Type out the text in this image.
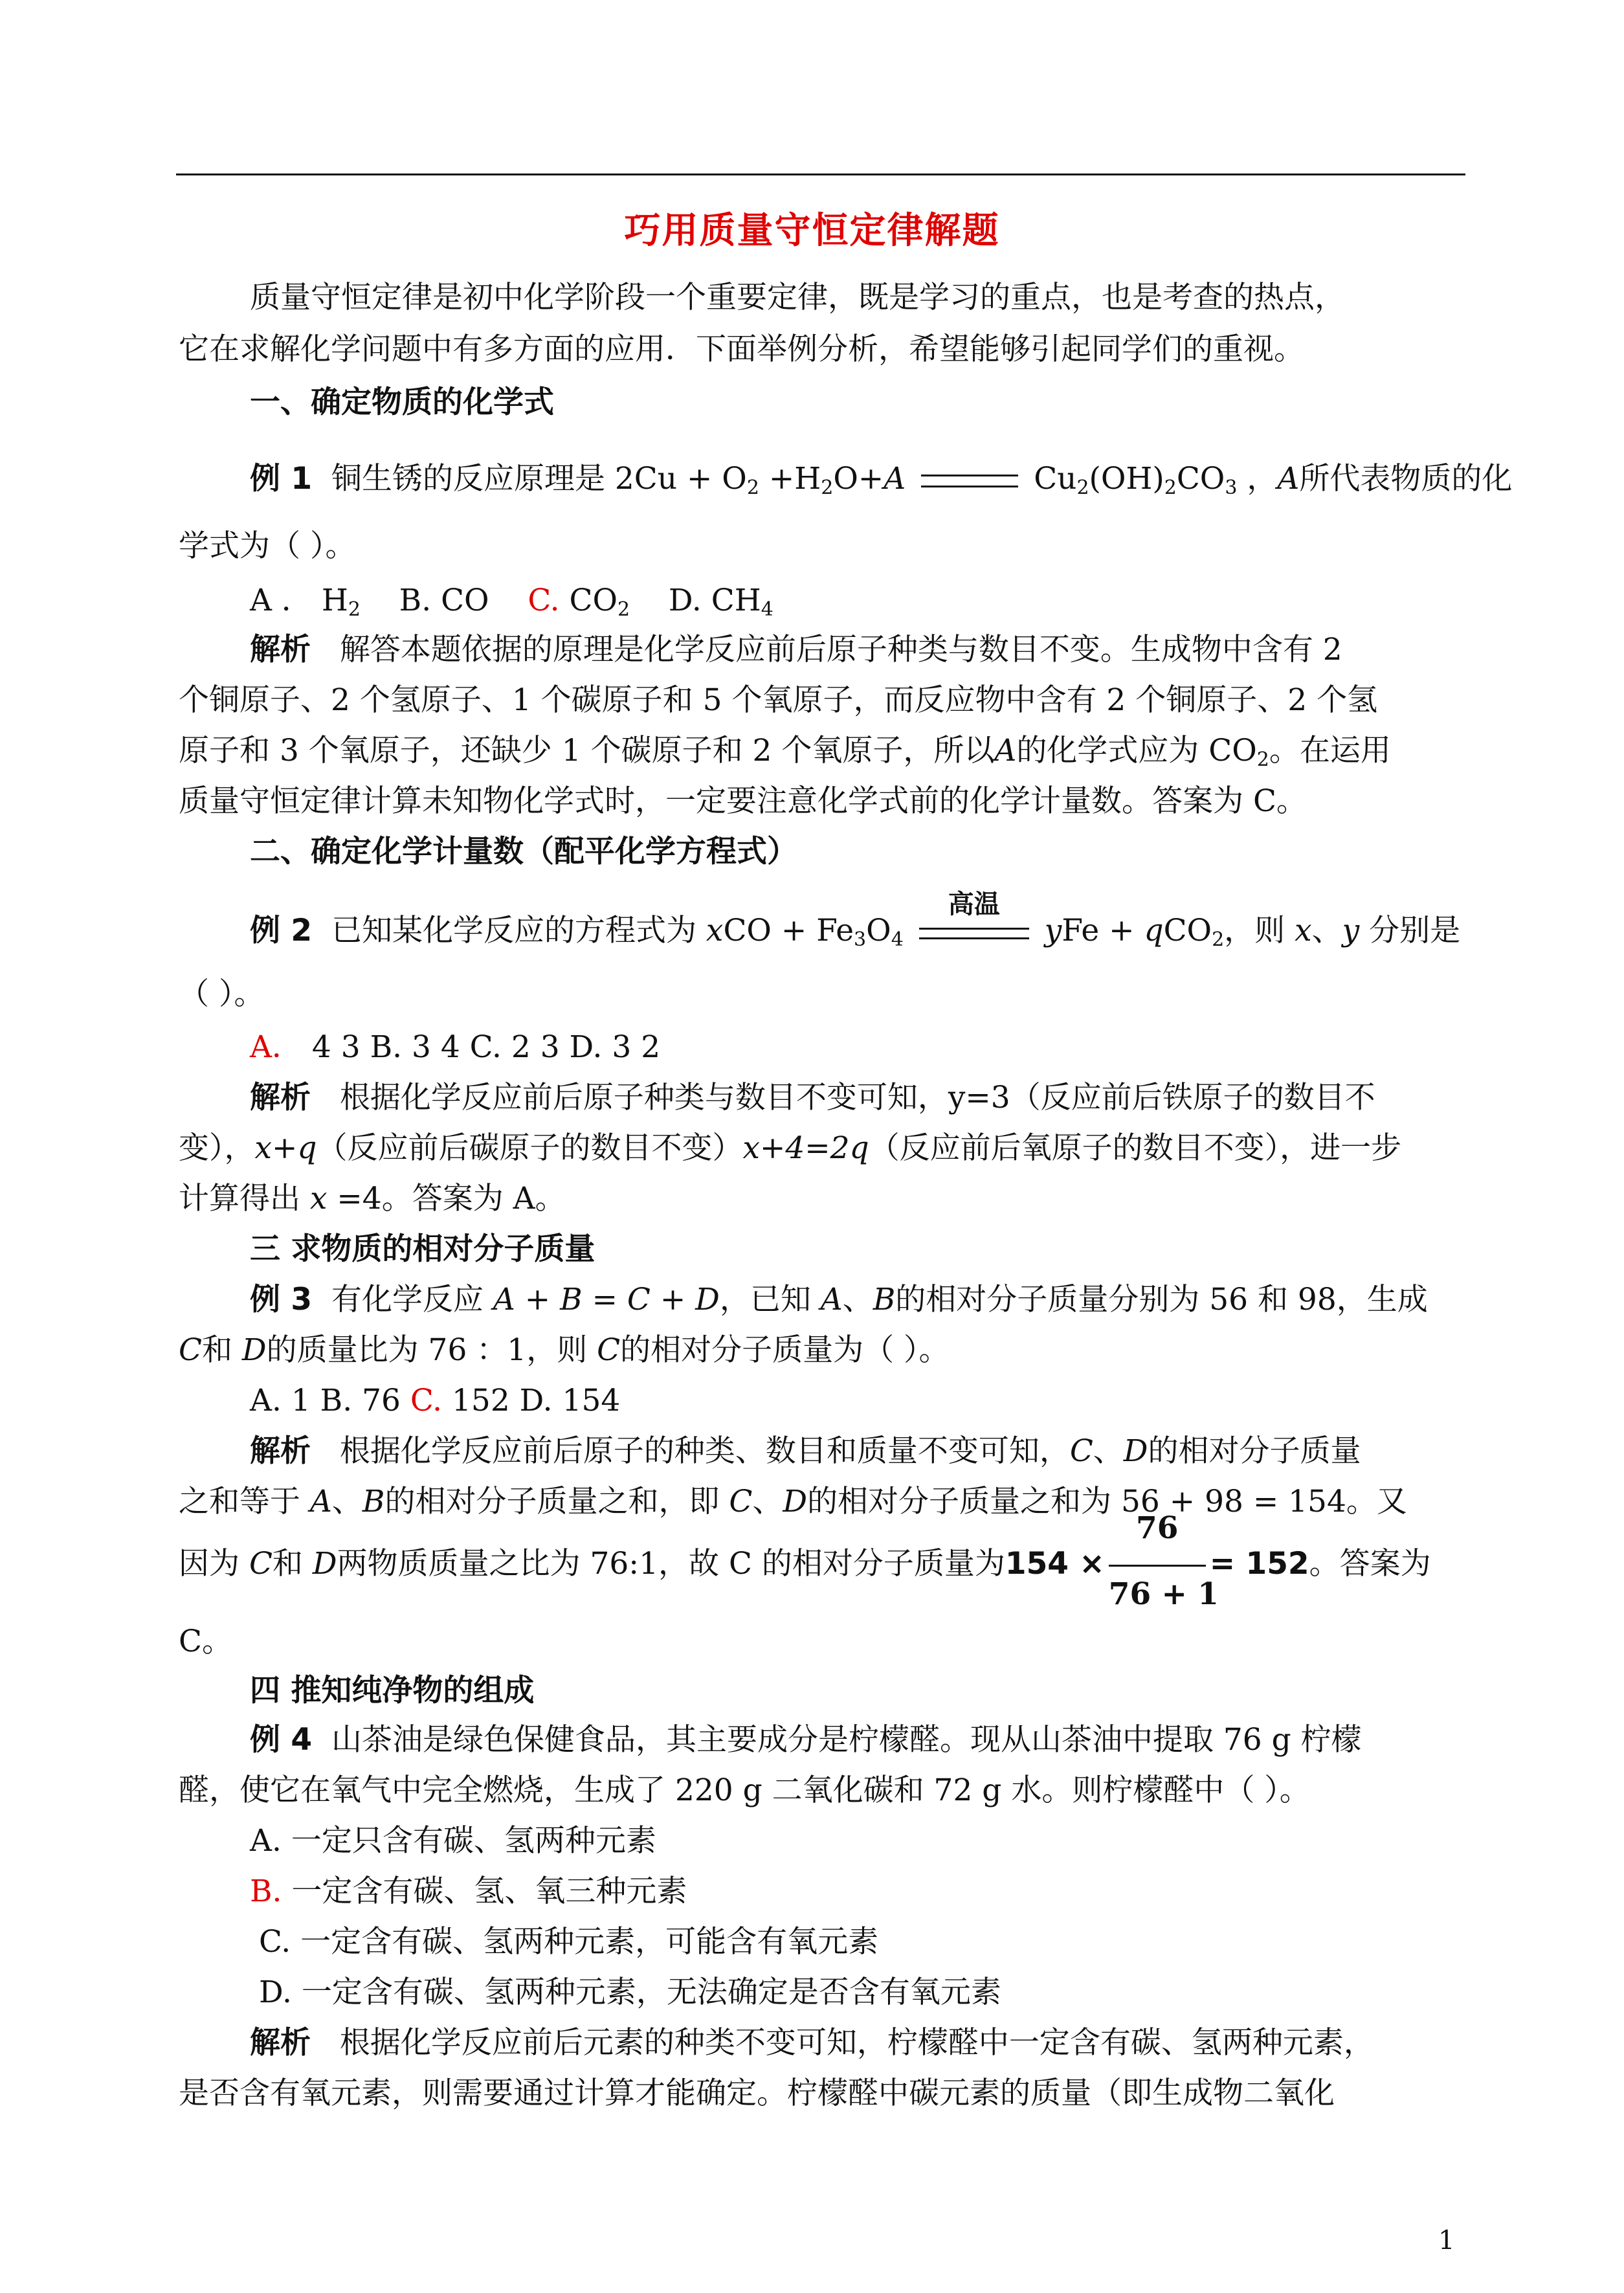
巧用质量守恒定律解题
质量守恒定律是初中化学阶段一个重要定律，既是学习的重点，也是考查的热点，
它在求解化学问题中有多方面的应用．下面举例分析，希望能够引起同学们的重视。
一、确定物质的化学式
例 1 铜生锈的反应原理是 $2Cu + O_2 +H_2O+A$	$Cu_2(OH)_2CO_3$ ，A所代表物质的化
学式为（ ）。
A ． $H_2$ B. CO C. $CO_2$ D. $CH_4$
解析 解答本题依据的原理是化学反应前后原子种类与数目不变。生成物中含有 2
个铜原子、2 个氢原子、1 个碳原子和 5 个氧原子，而反应物中含有 2 个铜原子、2 个氢
原子和 3 个氧原子，还缺少 1 个碳原子和 2 个氧原子，所以A的化学式应为 $CO_2$。在运用
质量守恒定律计算未知物化学式时，一定要注意化学式前的化学计量数。答案为 C。
二、确定化学计量数（配平化学方程式）
例 2 已知某化学反应的方程式为 xCO + $Fe_3O_4$
高温
yFe + qCO$_2$，则 x、y 分别是
（ ）。
A． 4 3 B. 3 4 C. 2 3 D. 3 2
解析 根据化学反应前后原子种类与数目不变可知，y=3（反应前后铁原子的数目不
变），x+q（反应前后碳原子的数目不变）x+4=2q（反应前后氧原子的数目不变），进一步
计算得出 x =4。答案为 A。
三 求物质的相对分子质量
例 3 有化学反应 A + B = C + D，已知 A、B的相对分子质量分别为 56 和 98，生成
C和 D的质量比为 76 ：1，则 C的相对分子质量为（ ）。
A. 1 B. 76 C. 152 D. 154
解析 根据化学反应前后原子的种类、数目和质量不变可知，C、D的相对分子质量
之和等于 A、B的相对分子质量之和，即 C、D的相对分子质量之和为 56 + 98 = 154。又
因为 C和 D两物质质量之比为 76:1，故 C 的相对分子质量为$154 \times \frac{76}{76 + 1} = 152$。答案为
C。
四 推知纯净物的组成
例 4 山茶油是绿色保健食品，其主要成分是柠檬醛。现从山茶油中提取 76 g 柠檬
醛，使它在氧气中完全燃烧，生成了 220 g 二氧化碳和 72 g 水。则柠檬醛中（ ）。
A. 一定只含有碳、氢两种元素
B. 一定含有碳、氢、氧三种元素
C. 一定含有碳、氢两种元素，可能含有氧元素
D. 一定含有碳、氢两种元素，无法确定是否含有氧元素
解析 根据化学反应前后元素的种类不变可知，柠檬醛中一定含有碳、氢两种元素，
是否含有氧元素，则需要通过计算才能确定。柠檬醛中碳元素的质量（即生成物二氧化
1
